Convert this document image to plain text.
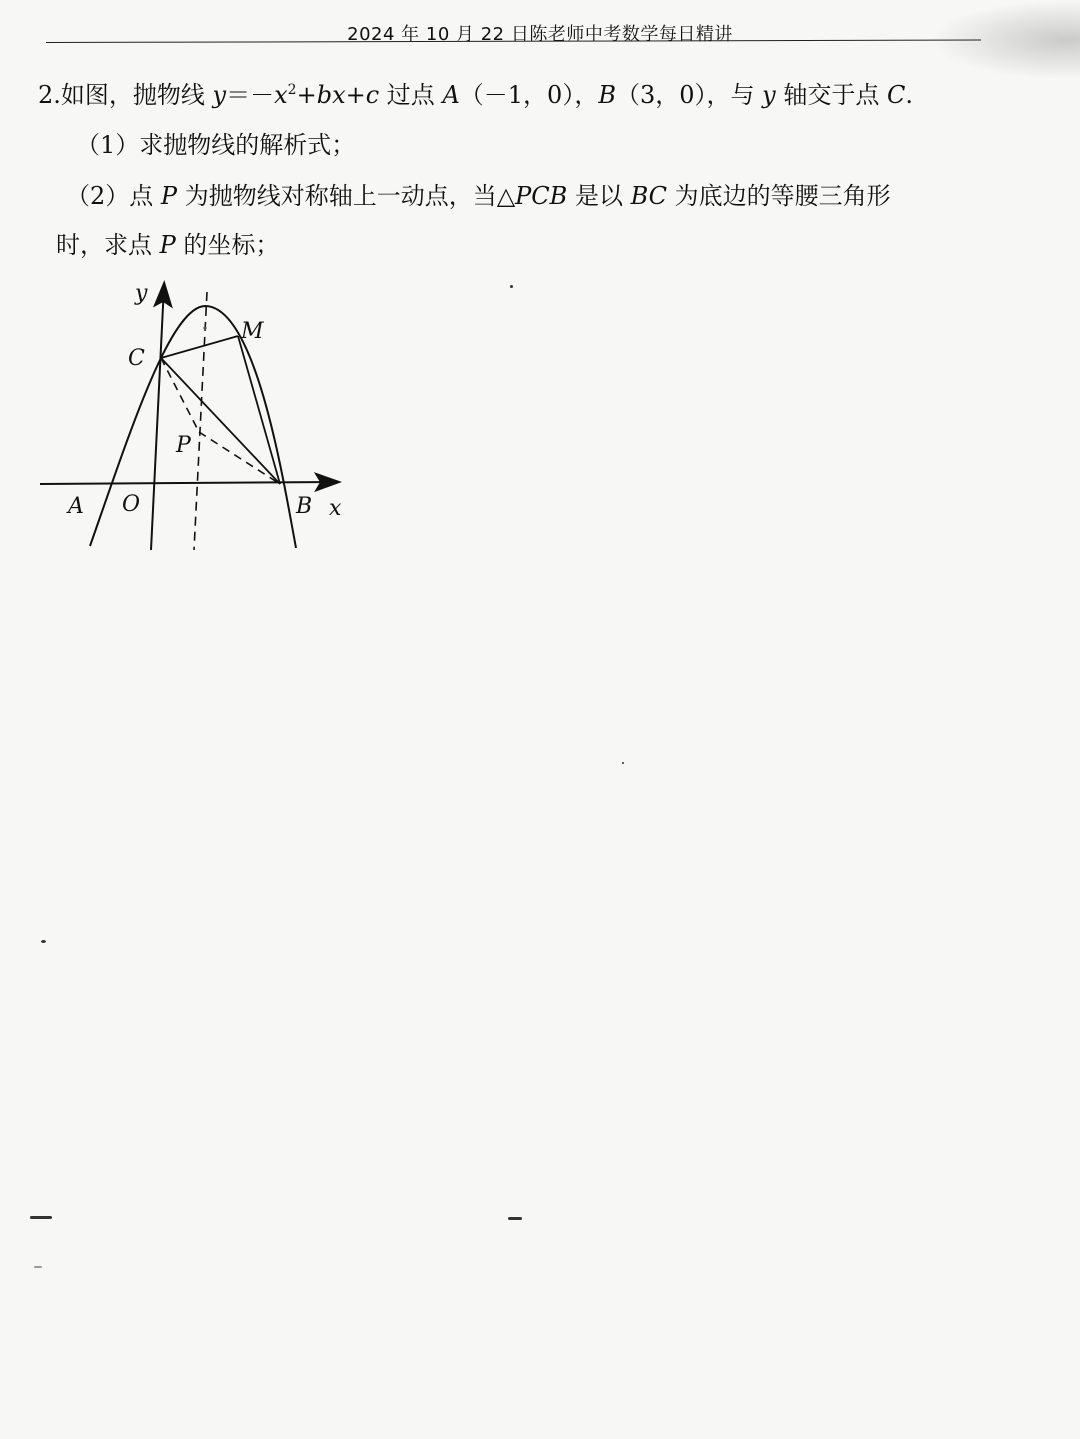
2024 年 10 月 22 日陈老师中考数学每日精讲

2.如图，抛物线 $y=-x^2+bx+c$ 过点 A（－1，0），B（3，0），与 y 轴交于点 C.

（1）求抛物线的解析式；

（2）点 P 为抛物线对称轴上一动点，当△PCB 是以 BC 为底边的等腰三角形

时，求点 P 的坐标；

y
x
A O	B
C
M
P
